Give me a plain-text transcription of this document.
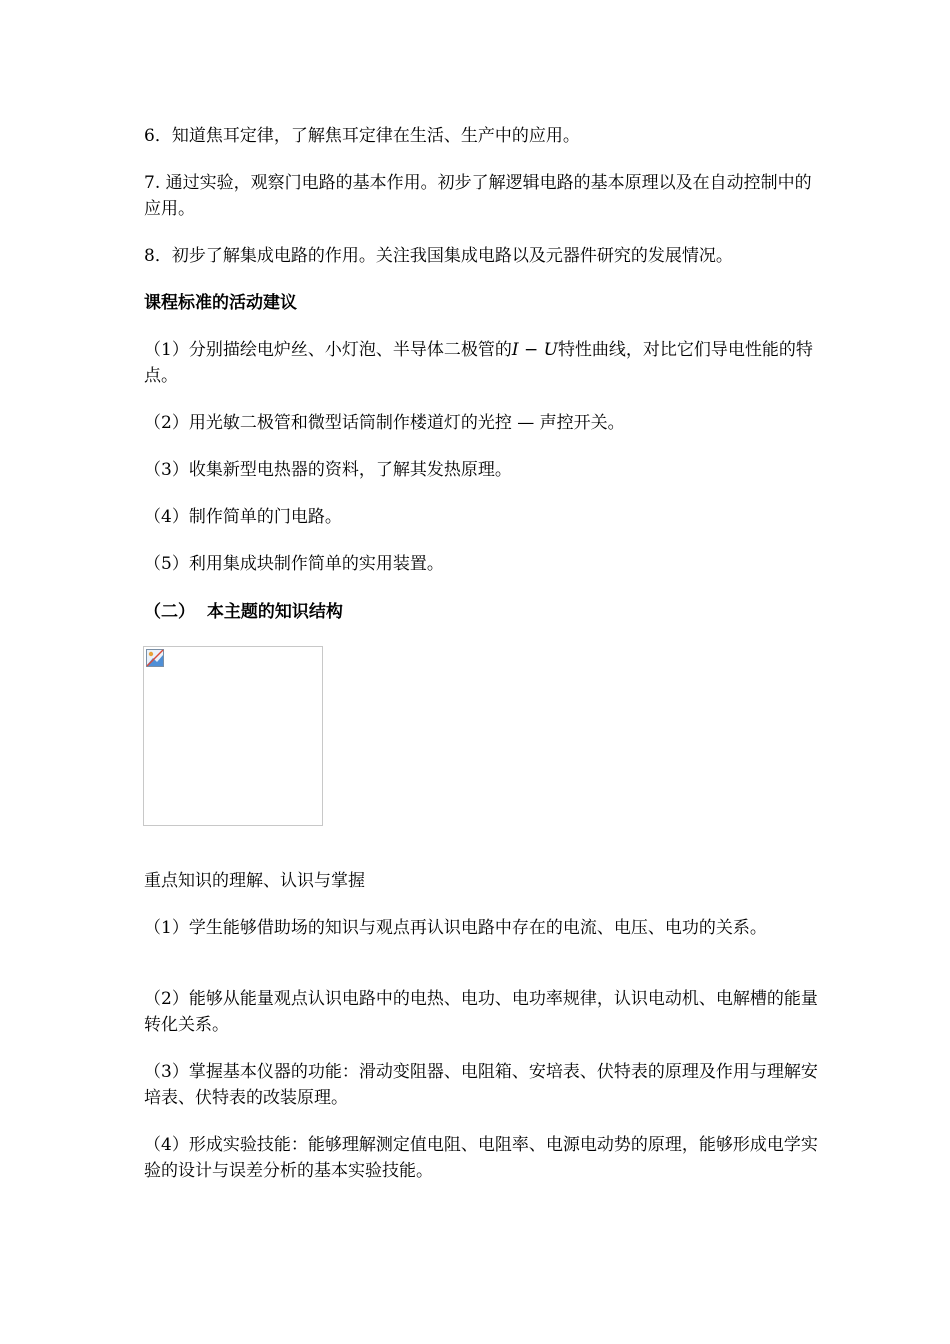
6．知道焦耳定律，了解焦耳定律在生活、生产中的应用。

7. 通过实验，观察门电路的基本作用。初步了解逻辑电路的基本原理以及在自动控制中的应用。

8．初步了解集成电路的作用。关注我国集成电路以及元器件研究的发展情况。

课程标准的活动建议

（1）分别描绘电炉丝、小灯泡、半导体二极管的I − U特性曲线，对比它们导电性能的特点。

（2）用光敏二极管和微型话筒制作楼道灯的光控 — 声控开关。

（3）收集新型电热器的资料，了解其发热原理。

（4）制作简单的门电路。

（5）利用集成块制作简单的实用装置。

（二）  本主题的知识结构

重点知识的理解、认识与掌握

（1）学生能够借助场的知识与观点再认识电路中存在的电流、电压、电功的关系。

（2）能够从能量观点认识电路中的电热、电功、电功率规律，认识电动机、电解槽的能量转化关系。

（3）掌握基本仪器的功能：滑动变阻器、电阻箱、安培表、伏特表的原理及作用与理解安培表、伏特表的改装原理。

（4）形成实验技能：能够理解测定值电阻、电阻率、电源电动势的原理，能够形成电学实验的设计与误差分析的基本实验技能。
